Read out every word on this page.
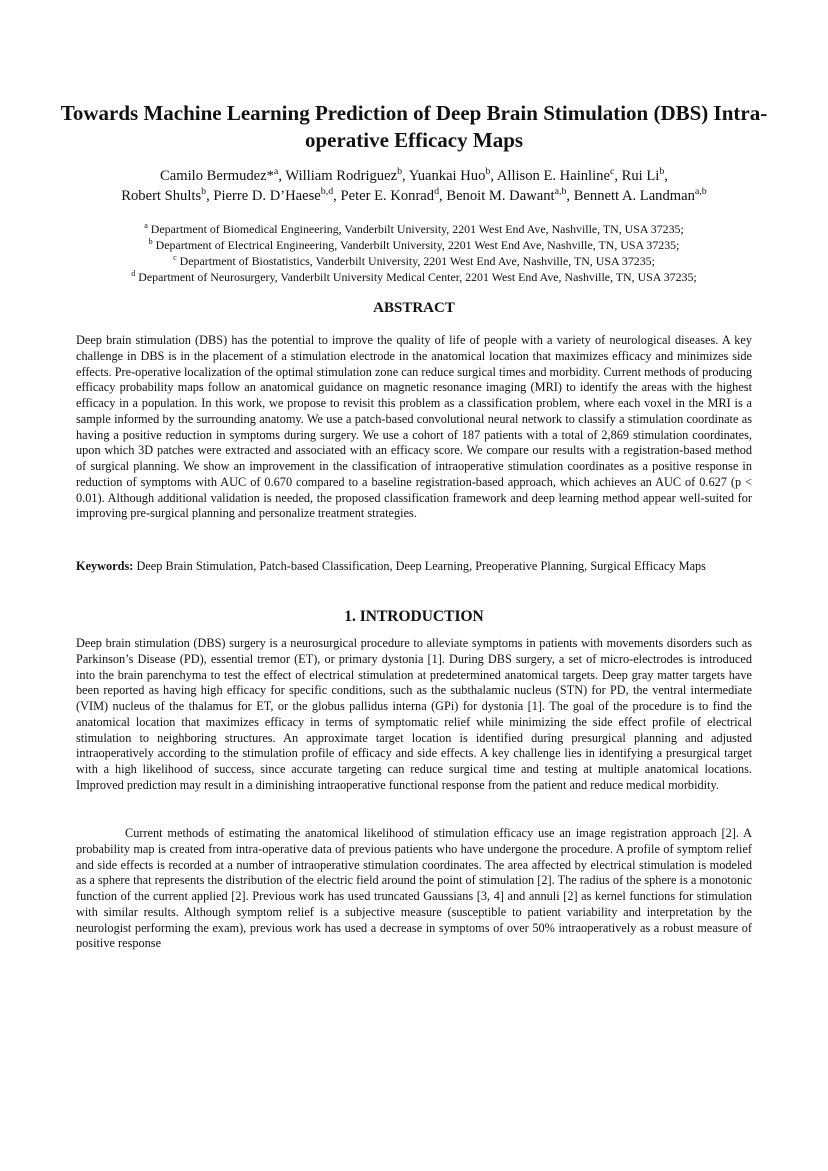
Towards Machine Learning Prediction of Deep Brain Stimulation (DBS) Intra-operative Efficacy Maps
Camilo Bermudez*$^a$, William Rodriguez$^b$, Yuankai Huo$^b$, Allison E. Hainline$^c$, Rui Li$^b$,
Robert Shults$^b$, Pierre D. D’Haese$^{b,d}$, Peter E. Konrad$^d$, Benoit M. Dawant$^{a,b}$, Bennett A. Landman$^{a,b}$
$^a$ Department of Biomedical Engineering, Vanderbilt University, 2201 West End Ave, Nashville, TN, USA 37235;
$^b$ Department of Electrical Engineering, Vanderbilt University, 2201 West End Ave, Nashville, TN, USA 37235;
$^c$ Department of Biostatistics, Vanderbilt University, 2201 West End Ave, Nashville, TN, USA 37235;
$^d$ Department of Neurosurgery, Vanderbilt University Medical Center, 2201 West End Ave, Nashville, TN, USA 37235;
ABSTRACT
Deep brain stimulation (DBS) has the potential to improve the quality of life of people with a variety of neurological diseases. A key challenge in DBS is in the placement of a stimulation electrode in the anatomical location that maximizes efficacy and minimizes side effects. Pre-operative localization of the optimal stimulation zone can reduce surgical times and morbidity. Current methods of producing efficacy probability maps follow an anatomical guidance on magnetic resonance imaging (MRI) to identify the areas with the highest efficacy in a population. In this work, we propose to revisit this problem as a classification problem, where each voxel in the MRI is a sample informed by the surrounding anatomy. We use a patch-based convolutional neural network to classify a stimulation coordinate as having a positive reduction in symptoms during surgery. We use a cohort of 187 patients with a total of 2,869 stimulation coordinates, upon which 3D patches were extracted and associated with an efficacy score. We compare our results with a registration-based method of surgical planning. We show an improvement in the classification of intraoperative stimulation coordinates as a positive response in reduction of symptoms with AUC of 0.670 compared to a baseline registration-based approach, which achieves an AUC of 0.627 (p < 0.01). Although additional validation is needed, the proposed classification framework and deep learning method appear well-suited for improving pre-surgical planning and personalize treatment strategies.
Keywords: Deep Brain Stimulation, Patch-based Classification, Deep Learning, Preoperative Planning, Surgical Efficacy Maps
1. INTRODUCTION
Deep brain stimulation (DBS) surgery is a neurosurgical procedure to alleviate symptoms in patients with movements disorders such as Parkinson’s Disease (PD), essential tremor (ET), or primary dystonia [1]. During DBS surgery, a set of micro-electrodes is introduced into the brain parenchyma to test the effect of electrical stimulation at predetermined anatomical targets. Deep gray matter targets have been reported as having high efficacy for specific conditions, such as the subthalamic nucleus (STN) for PD, the ventral intermediate (VIM) nucleus of the thalamus for ET, or the globus pallidus interna (GPi) for dystonia [1]. The goal of the procedure is to find the anatomical location that maximizes efficacy in terms of symptomatic relief while minimizing the side effect profile of electrical stimulation to neighboring structures. An approximate target location is identified during presurgical planning and adjusted intraoperatively according to the stimulation profile of efficacy and side effects. A key challenge lies in identifying a presurgical target with a high likelihood of success, since accurate targeting can reduce surgical time and testing at multiple anatomical locations. Improved prediction may result in a diminishing intraoperative functional response from the patient and reduce medical morbidity.
Current methods of estimating the anatomical likelihood of stimulation efficacy use an image registration approach [2]. A probability map is created from intra-operative data of previous patients who have undergone the procedure. A profile of symptom relief and side effects is recorded at a number of intraoperative stimulation coordinates. The area affected by electrical stimulation is modeled as a sphere that represents the distribution of the electric field around the point of stimulation [2]. The radius of the sphere is a monotonic function of the current applied [2]. Previous work has used truncated Gaussians [3, 4] and annuli [2] as kernel functions for stimulation with similar results. Although symptom relief is a subjective measure (susceptible to patient variability and interpretation by the neurologist performing the exam), previous work has used a decrease in symptoms of over 50% intraoperatively as a robust measure of positive response
